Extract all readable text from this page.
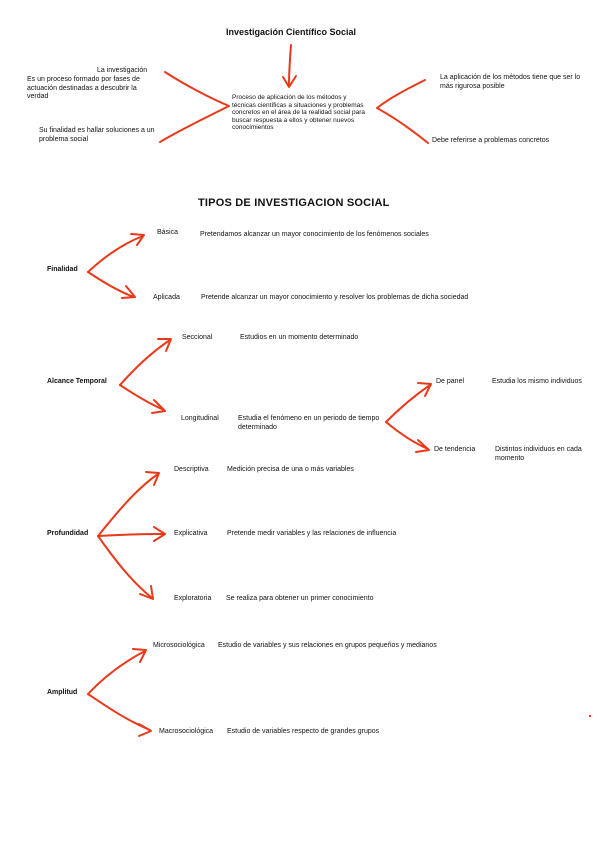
Investigación Científico Social
La investigación
Es un proceso formado por fases de actuación destinadas a descubrir la verdad
Su finalidad es hallar soluciones a un problema social
Proceso de aplicación de los métodos y técnicas científicas a situaciones y problemas concretos en el área de la realidad social para buscar respuesta a ellos y obtener nuevos conocimientos
La aplicación de los métodos tiene que ser lo más rigurosa posible
Debe referirse a problemas concretos
TIPOS DE INVESTIGACION SOCIAL
Finalidad
Básica	Pretendamos alcanzar un mayor conocimiento de los fenómenos sociales
Aplicada	Pretende alcanzar un mayor conocimiento y resolver los problemas de dicha sociedad
Alcance Temporal
Seccional	Estudios en un momento determinado
Longitudinal	Estudia el fenómeno en un periodo de tiempo determinado
De panel	Estudia los mismo individuos
De tendencia	Distintos individuos en cada momento
Profundidad
Descriptiva	Medición precisa de una o más variables
Explicativa	Pretende medir variables y las relaciones de influencia
Exploratoria Se realiza para obtener un primer conocimiento
Amplitud
Microsociológica Estudio de variables y sus relaciones en grupos pequeños y medianos
Macrosociológica Estudio de variables respecto de grandes grupos
